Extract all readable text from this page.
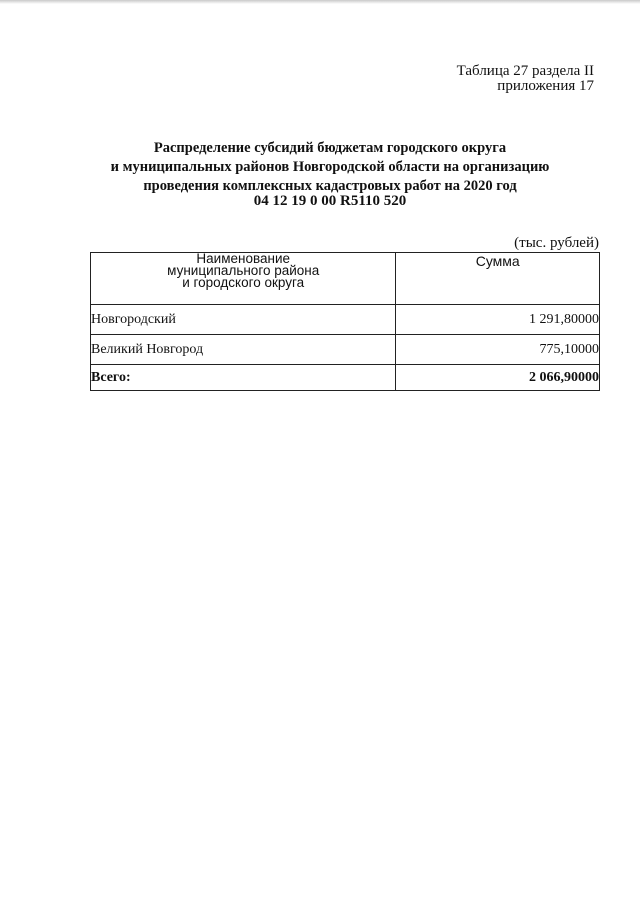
Таблица 27 раздела II
приложения 17
Распределение субсидий бюджетам городского округа
и муниципальных районов Новгородской области на организацию
проведения комплексных кадастровых работ на 2020 год
04 12 19 0 00 R5110 520
(тыс. рублей)
Наименование
муниципального района
и городского округа	Сумма
Новгородский	1 291,80000
Великий Новгород	775,10000
Всего:	2 066,90000
